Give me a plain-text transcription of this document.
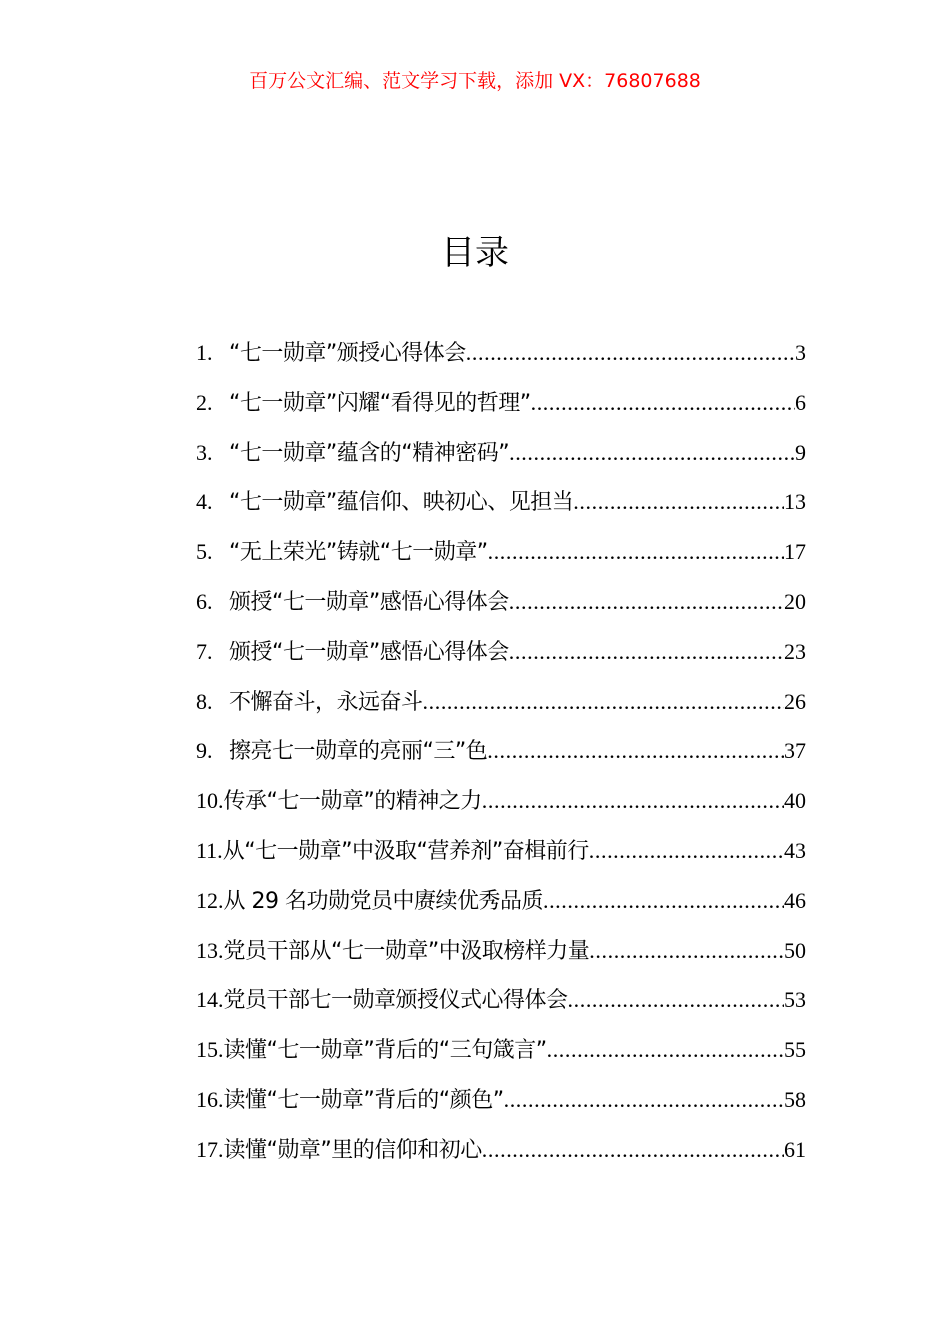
百万公文汇编、范文学习下载，添加 VX：76807688
目录
1. “七一勋章”颁授心得体会 .....	3
2. “七一勋章”闪耀“看得见的哲理” .....	6
3. “七一勋章”蕴含的“精神密码” .....	9
4. “七一勋章”蕴信仰、映初心、见担当 .....	13
5. “无上荣光”铸就“七一勋章” .....	17
6. 颁授“七一勋章”感悟心得体会 .....	20
7. 颁授“七一勋章”感悟心得体会 .....	23
8. 不懈奋斗，永远奋斗 .....	26
9. 擦亮七一勋章的亮丽“三”色 .....	37
10. 传承“七一勋章”的精神之力 .....	40
11. 从“七一勋章”中汲取“营养剂”奋楫前行 .....	43
12. 从 29 名功勋党员中赓续优秀品质 .....	46
13. 党员干部从“七一勋章”中汲取榜样力量 .....	50
14. 党员干部七一勋章颁授仪式心得体会 .....	53
15. 读懂“七一勋章”背后的“三句箴言” .....	55
16. 读懂“七一勋章”背后的“颜色” .....	58
17. 读懂“勋章”里的信仰和初心 .....	61
